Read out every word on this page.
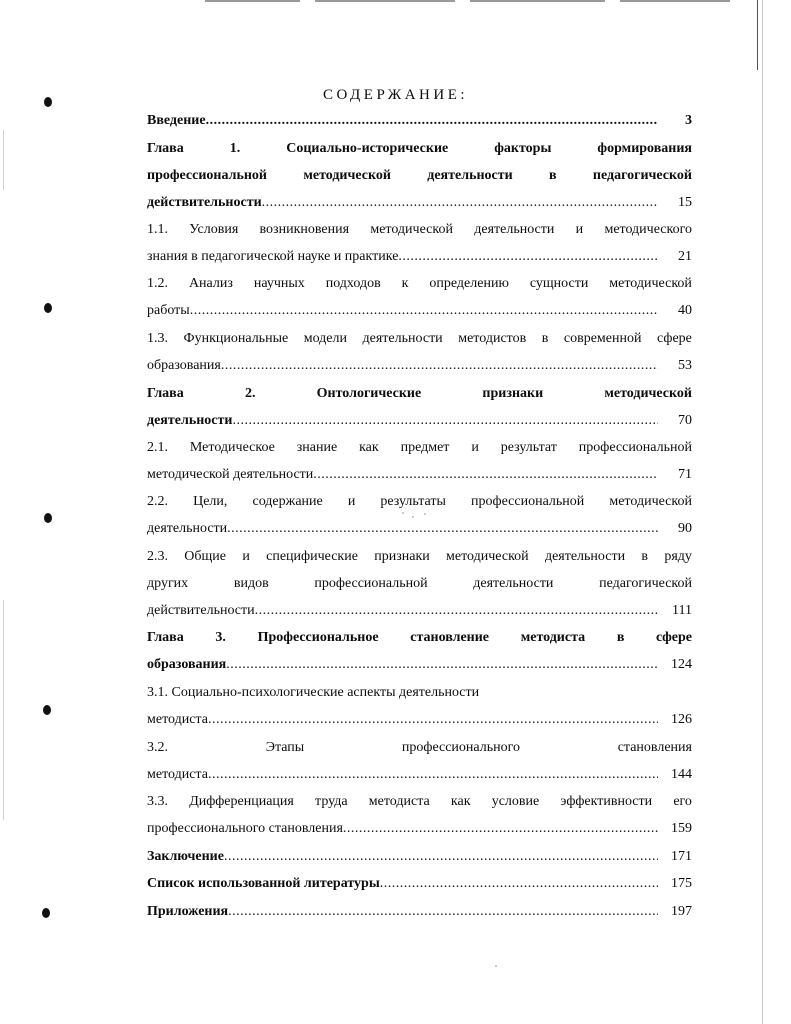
СОДЕРЖАНИЕ:
Введение .....	3
Глава	1.	Социально-исторические	факторы	формирования
профессиональной	методической	деятельности	в	педагогической
действительности .....	15
1.1. Условия возникновения методической деятельности и методического
знания в педагогической науке и практике .....	21
1.2. Анализ научных подходов к определению сущности методической
работы .....	40
1.3. Функциональные модели деятельности методистов в современной сфере
образования .....	53
Глава	2.	Онтологические	признаки	методической
деятельности .....	70
2.1. Методическое знание как предмет и результат профессиональной
методической деятельности .....	71
2.2. Цели, содержание и результаты профессиональной методической
деятельности .....	90
2.3. Общие и специфические признаки методической деятельности в ряду
других	видов	профессиональной	деятельности	педагогической
действительности .....	111
Глава 3. Профессиональное становление методиста в сфере
образования .....	124
3.1. Социально-психологические аспекты деятельности
методиста .....	126
3.2.	Этапы	профессионального	становления
методиста .....	144
3.3. Дифференциация труда методиста как условие эффективности его
профессионального становления .....	159
Заключение .....	171
Список использованной литературы .....	175
Приложения .....	197
